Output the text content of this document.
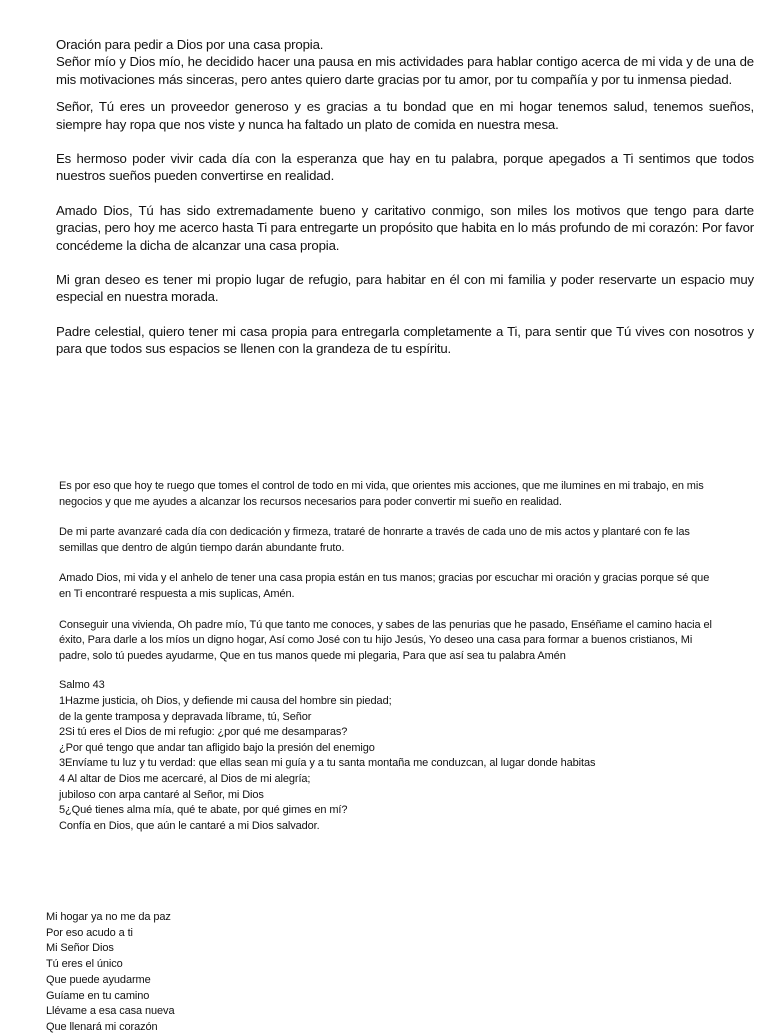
Oración para pedir a Dios por una casa propia.

Señor mío y Dios mío, he decidido hacer una pausa en mis actividades para hablar contigo acerca de mi vida y de una de mis motivaciones más sinceras, pero antes quiero darte gracias por tu amor, por tu compañía y por tu inmensa piedad.

Señor, Tú eres un proveedor generoso y es gracias a tu bondad que en mi hogar tenemos salud, tenemos sueños, siempre hay ropa que nos viste y nunca ha faltado un plato de comida en nuestra mesa.

Es hermoso poder vivir cada día con la esperanza que hay en tu palabra, porque apegados a Ti sentimos que todos nuestros sueños pueden convertirse en realidad.

Amado Dios, Tú has sido extremadamente bueno y caritativo conmigo, son miles los motivos que tengo para darte gracias, pero hoy me acerco hasta Ti para entregarte un propósito que habita en lo más profundo de mi corazón: Por favor concédeme la dicha de alcanzar una casa propia.

Mi gran deseo es tener mi propio lugar de refugio, para habitar en él con mi familia y poder reservarte un espacio muy especial en nuestra morada.

Padre celestial, quiero tener mi casa propia para entregarla completamente a Ti, para sentir que Tú vives con nosotros y para que todos sus espacios se llenen con la grandeza de tu espíritu.

Es por eso que hoy te ruego que tomes el control de todo en mi vida, que orientes mis acciones, que me ilumines en mi trabajo, en mis negocios y que me ayudes a alcanzar los recursos necesarios para poder convertir mi sueño en realidad.

De mi parte avanzaré cada día con dedicación y firmeza, trataré de honrarte a través de cada uno de mis actos y plantaré con fe las semillas que dentro de algún tiempo darán abundante fruto.

Amado Dios, mi vida y el anhelo de tener una casa propia están en tus manos; gracias por escuchar mi oración y gracias porque sé que en Ti encontraré respuesta a mis suplicas, Amén.

Conseguir una vivienda, Oh padre mío, Tú que tanto me conoces, y sabes de las penurias que he pasado, Enséñame el camino hacia el éxito, Para darle a los míos un digno hogar, Así como José con tu hijo Jesús, Yo deseo una casa para formar a buenos cristianos, Mi padre, solo tú puedes ayudarme, Que en tus manos quede mi plegaria, Para que así sea tu palabra Amén

Salmo 43
1Hazme justicia, oh Dios, y defiende mi causa del hombre sin piedad;
de la gente tramposa y depravada líbrame, tú, Señor
2Si tú eres el Dios de mi refugio: ¿por qué me desamparas?
¿Por qué tengo que andar tan afligido bajo la presión del enemigo
3Envíame tu luz y tu verdad: que ellas sean mi guía y a tu santa montaña me conduzcan, al lugar donde habitas
4 Al altar de Dios me acercaré, al Dios de mi alegría;
jubiloso con arpa cantaré al Señor, mi Dios
5¿Qué tienes alma mía, qué te abate, por qué gimes en mí?
Confía en Dios, que aún le cantaré a mi Dios salvador.
Mi hogar ya no me da paz
Por eso acudo a ti
Mi Señor Dios
Tú eres el único
Que puede ayudarme
Guíame en tu camino
Llévame a esa casa nueva
Que llenará mi corazón
